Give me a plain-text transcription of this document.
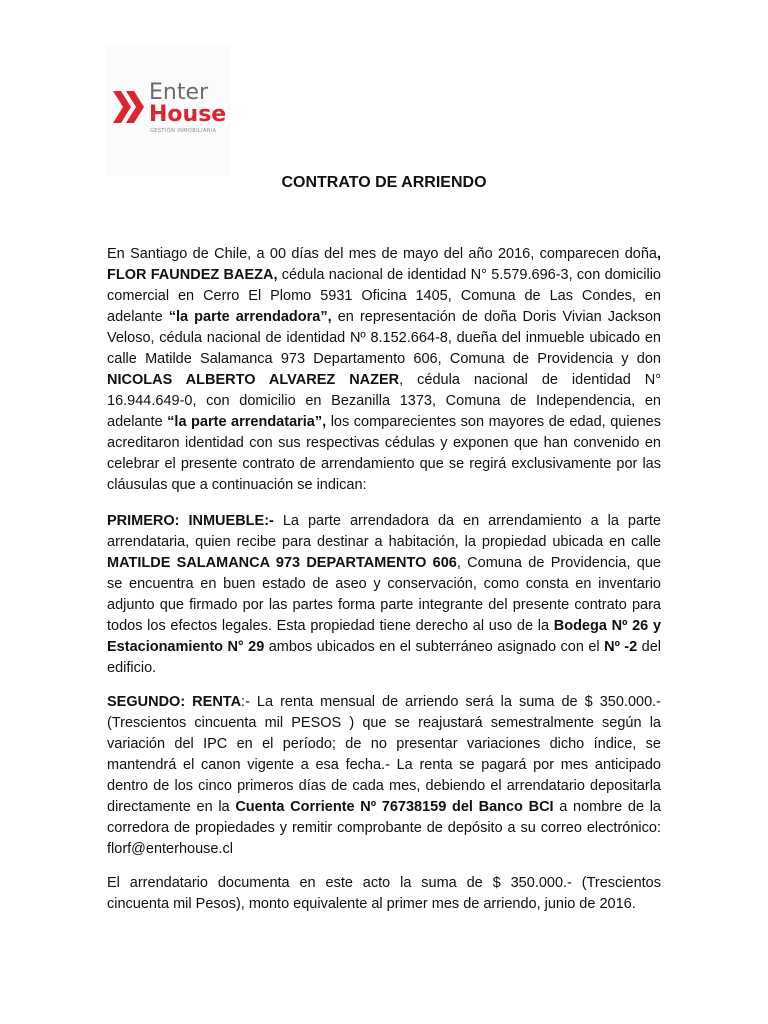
Enter
House
GESTIÓN INMOBILIARIA
CONTRATO DE ARRIENDO

En Santiago de Chile, a 00 días del mes de mayo del año 2016, comparecen doña, FLOR FAUNDEZ BAEZA, cédula nacional de identidad N° 5.579.696-3, con domicilio comercial en Cerro El Plomo 5931 Oficina 1405, Comuna de Las Condes, en adelante “la parte arrendadora”, en representación de doña Doris Vivian Jackson Veloso, cédula nacional de identidad Nº 8.152.664-8, dueña del inmueble ubicado en calle Matilde Salamanca 973 Departamento 606, Comuna de Providencia y don NICOLAS ALBERTO ALVAREZ NAZER, cédula nacional de identidad N° 16.944.649-0, con domicilio en Bezanilla 1373, Comuna de Independencia, en adelante “la parte arrendataria”, los comparecientes son mayores de edad, quienes acreditaron identidad con sus respectivas cédulas y exponen que han convenido en celebrar el presente contrato de arrendamiento que se regirá exclusivamente por las cláusulas que a continuación se indican:

PRIMERO: INMUEBLE:- La parte arrendadora da en arrendamiento a la parte arrendataria, quien recibe para destinar a habitación, la propiedad ubicada en calle MATILDE SALAMANCA 973 DEPARTAMENTO 606, Comuna de Providencia, que se encuentra en buen estado de aseo y conservación, como consta en inventario adjunto que firmado por las partes forma parte integrante del presente contrato para todos los efectos legales. Esta propiedad tiene derecho al uso de la Bodega Nº 26 y Estacionamiento N° 29 ambos ubicados en el subterráneo asignado con el Nº -2 del edificio.

SEGUNDO: RENTA:- La renta mensual de arriendo será la suma de $ 350.000.- (Trescientos cincuenta mil PESOS ) que se reajustará semestralmente según la variación del IPC en el período; de no presentar variaciones dicho índice, se mantendrá el canon vigente a esa fecha.- La renta se pagará por mes anticipado dentro de los cinco primeros días de cada mes, debiendo el arrendatario depositarla directamente en la Cuenta Corriente Nº 76738159 del Banco BCI a nombre de la corredora de propiedades y remitir comprobante de depósito a su correo electrónico: florf@enterhouse.cl

El arrendatario documenta en este acto la suma de $ 350.000.- (Trescientos cincuenta mil Pesos), monto equivalente al primer mes de arriendo, junio de 2016.
